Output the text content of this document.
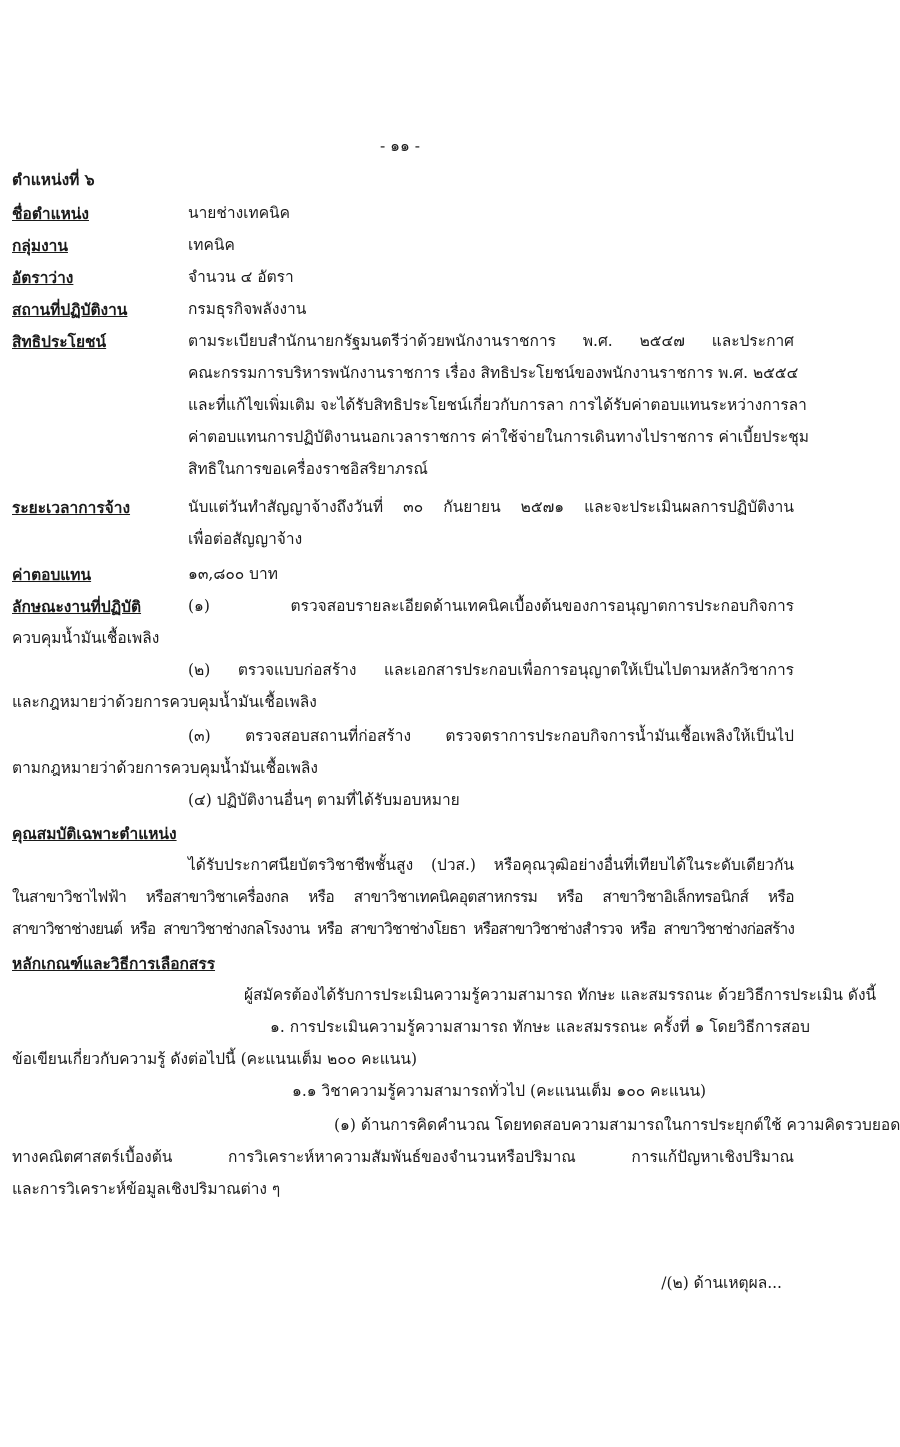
- ๑๑ -
ตำแหน่งที่ ๖
ชื่อตำแหน่ง	นายช่างเทคนิค
กลุ่มงาน	เทคนิค
อัตราว่าง	จำนวน ๔ อัตรา
สถานที่ปฏิบัติงาน	กรมธุรกิจพลังงาน
สิทธิประโยชน์	ตามระเบียบสำนักนายกรัฐมนตรีว่าด้วยพนักงานราชการ พ.ศ. ๒๕๔๗ และประกาศ
คณะกรรมการบริหารพนักงานราชการ เรื่อง สิทธิประโยชน์ของพนักงานราชการ พ.ศ. ๒๕๕๔
และที่แก้ไขเพิ่มเติม จะได้รับสิทธิประโยชน์เกี่ยวกับการลา การได้รับค่าตอบแทนระหว่างการลา
ค่าตอบแทนการปฏิบัติงานนอกเวลาราชการ ค่าใช้จ่ายในการเดินทางไปราชการ ค่าเบี้ยประชุม
สิทธิในการขอเครื่องราชอิสริยาภรณ์
ระยะเวลาการจ้าง	นับแต่วันทำสัญญาจ้างถึงวันที่ ๓๐ กันยายน ๒๕๗๑ และจะประเมินผลการปฏิบัติงาน
เพื่อต่อสัญญาจ้าง
ค่าตอบแทน	๑๓,๘๐๐ บาท
ลักษณะงานที่ปฏิบัติ	(๑) ตรวจสอบรายละเอียดด้านเทคนิคเบื้องต้นของการอนุญาตการประกอบกิจการ
ควบคุมน้ำมันเชื้อเพลิง
(๒) ตรวจแบบก่อสร้าง และเอกสารประกอบเพื่อการอนุญาตให้เป็นไปตามหลักวิชาการ
และกฎหมายว่าด้วยการควบคุมน้ำมันเชื้อเพลิง
(๓) ตรวจสอบสถานที่ก่อสร้าง ตรวจตราการประกอบกิจการน้ำมันเชื้อเพลิงให้เป็นไป
ตามกฎหมายว่าด้วยการควบคุมน้ำมันเชื้อเพลิง
(๔) ปฏิบัติงานอื่นๆ ตามที่ได้รับมอบหมาย
คุณสมบัติเฉพาะตำแหน่ง
ได้รับประกาศนียบัตรวิชาชีพชั้นสูง (ปวส.) หรือคุณวุฒิอย่างอื่นที่เทียบได้ในระดับเดียวกัน
ในสาขาวิชาไฟฟ้า หรือสาขาวิชาเครื่องกล หรือ สาขาวิชาเทคนิคอุตสาหกรรม หรือ สาขาวิชาอิเล็กทรอนิกส์ หรือ
สาขาวิชาช่างยนต์ หรือ สาขาวิชาช่างกลโรงงาน หรือ สาขาวิชาช่างโยธา หรือสาขาวิชาช่างสำรวจ หรือ สาขาวิชาช่างก่อสร้าง
หลักเกณฑ์และวิธีการเลือกสรร
ผู้สมัครต้องได้รับการประเมินความรู้ความสามารถ ทักษะ และสมรรถนะ ด้วยวิธีการประเมิน ดังนี้
๑. การประเมินความรู้ความสามารถ ทักษะ และสมรรถนะ ครั้งที่ ๑ โดยวิธีการสอบ
ข้อเขียนเกี่ยวกับความรู้ ดังต่อไปนี้ (คะแนนเต็ม ๒๐๐ คะแนน)
๑.๑ วิชาความรู้ความสามารถทั่วไป (คะแนนเต็ม ๑๐๐ คะแนน)
(๑) ด้านการคิดคำนวณ โดยทดสอบความสามารถในการประยุกต์ใช้ ความคิดรวบยอด
ทางคณิตศาสตร์เบื้องต้น การวิเคราะห์หาความสัมพันธ์ของจำนวนหรือปริมาณ การแก้ปัญหาเชิงปริมาณ
และการวิเคราะห์ข้อมูลเชิงปริมาณต่าง ๆ
/(๒) ด้านเหตุผล...
